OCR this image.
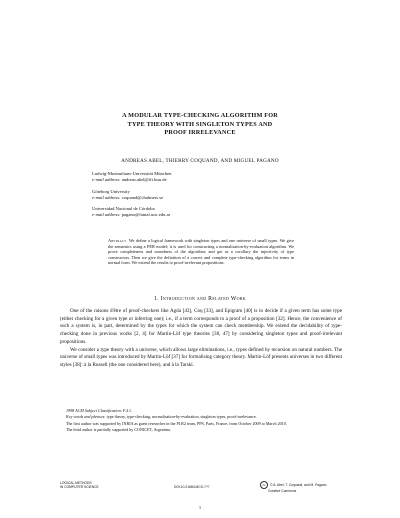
A MODULAR TYPE-CHECKING ALGORITHM FOR
TYPE THEORY WITH SINGLETON TYPES AND
PROOF IRRELEVANCE
ANDREAS ABEL, THIERRY COQUAND, AND MIGUEL PAGANO
Ludwig-Maximilians-Universität München
e-mail address: andreas.abel@ifi.lmu.de
Göteborg University
e-mail address: coquand@chalmers.se
Universidad Nacional de Córdoba
e-mail address: pagano@famaf.unc.edu.ar
Abstract. We define a logical framework with singleton types and one universe of small types. We give the semantics using a PER model; it is used for constructing a normalisation-by-evaluation algorithm. We prove completeness and soundness of the algorithm; and get as a corollary the injectivity of type constructors. Then we give the definition of a correct and complete type-checking algorithm for terms in normal form. We extend the results to proof-irrelevant propositions.
1. Introduction and Related Work

One of the raisons d'être of proof-checkers like Agda [43], Coq [33], and Epigram [40] is to decide if a given term has some type (either checking for a given type or inferring one); i.e., if a term corresponds to a proof of a proposition [32]. Hence, the convenience of such a system is, in part, determined by the types for which the system can check membership. We extend the decidability of type-checking done in previous works [2, 4] for Martin-Löf type theories [38, 47] by considering singleton types and proof-irrelevant propositions.

We consider a type theory with a universe, which allows large eliminations, i.e., types defined by recursion on natural numbers. The universe of small types was introduced by Martin-Löf [37] for formalising category theory. Martin-Löf presents universes in two different styles [38]: à la Russell (the one considered here), and à la Tarski.

1998 ACM Subject Classification: F.4.1.

Key words and phrases: type theory, type-checking, normalisation-by-evaluation, singleton types, proof-irrelevance.

The first author was supported by INRIA as guest researcher in the PI.R2 team, PPS, Paris, France, from October 2009 to March 2010.

The third author is partially supported by CONICET, Argentina.

LOGICAL METHODS
IN COMPUTER SCIENCE	DOI:10.2168/LMCS-???	cc	© A. Abel, T. Coquand, and M. Pagano
Creative Commons
1
